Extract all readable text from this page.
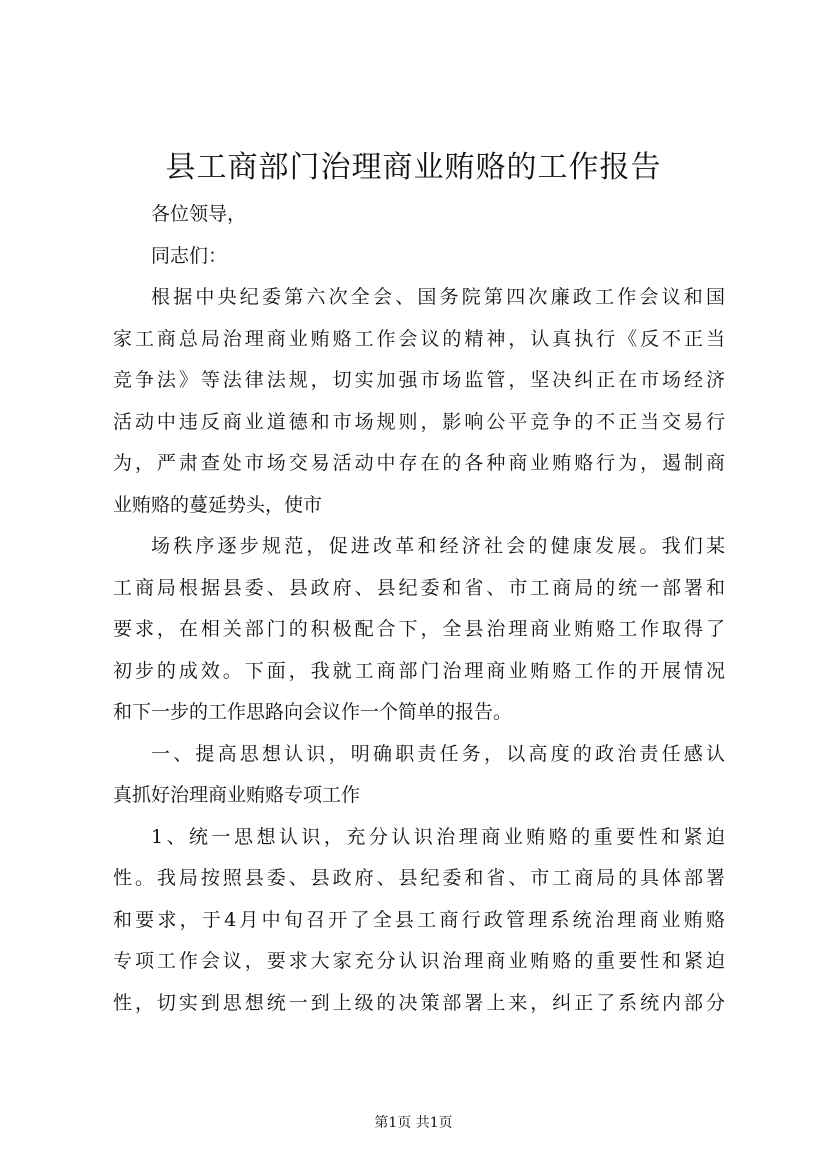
县工商部门治理商业贿赂的工作报告
各位领导，
同志们：
根据中央纪委第六次全会、国务院第四次廉政工作会议和国
家工商总局治理商业贿赂工作会议的精神，认真执行《反不正当
竞争法》等法律法规，切实加强市场监管，坚决纠正在市场经济
活动中违反商业道德和市场规则，影响公平竞争的不正当交易行
为，严肃查处市场交易活动中存在的各种商业贿赂行为，遏制商
业贿赂的蔓延势头，使市
场秩序逐步规范，促进改革和经济社会的健康发展。我们某
工商局根据县委、县政府、县纪委和省、市工商局的统一部署和
要求，在相关部门的积极配合下，全县治理商业贿赂工作取得了
初步的成效。下面，我就工商部门治理商业贿赂工作的开展情况
和下一步的工作思路向会议作一个简单的报告。
一、提高思想认识，明确职责任务，以高度的政治责任感认
真抓好治理商业贿赂专项工作
1、统一思想认识，充分认识治理商业贿赂的重要性和紧迫
性。我局按照县委、县政府、县纪委和省、市工商局的具体部署
和要求，于4月中旬召开了全县工商行政管理系统治理商业贿赂
专项工作会议，要求大家充分认识治理商业贿赂的重要性和紧迫
性，切实到思想统一到上级的决策部署上来，纠正了系统内部分
第1页 共1页
